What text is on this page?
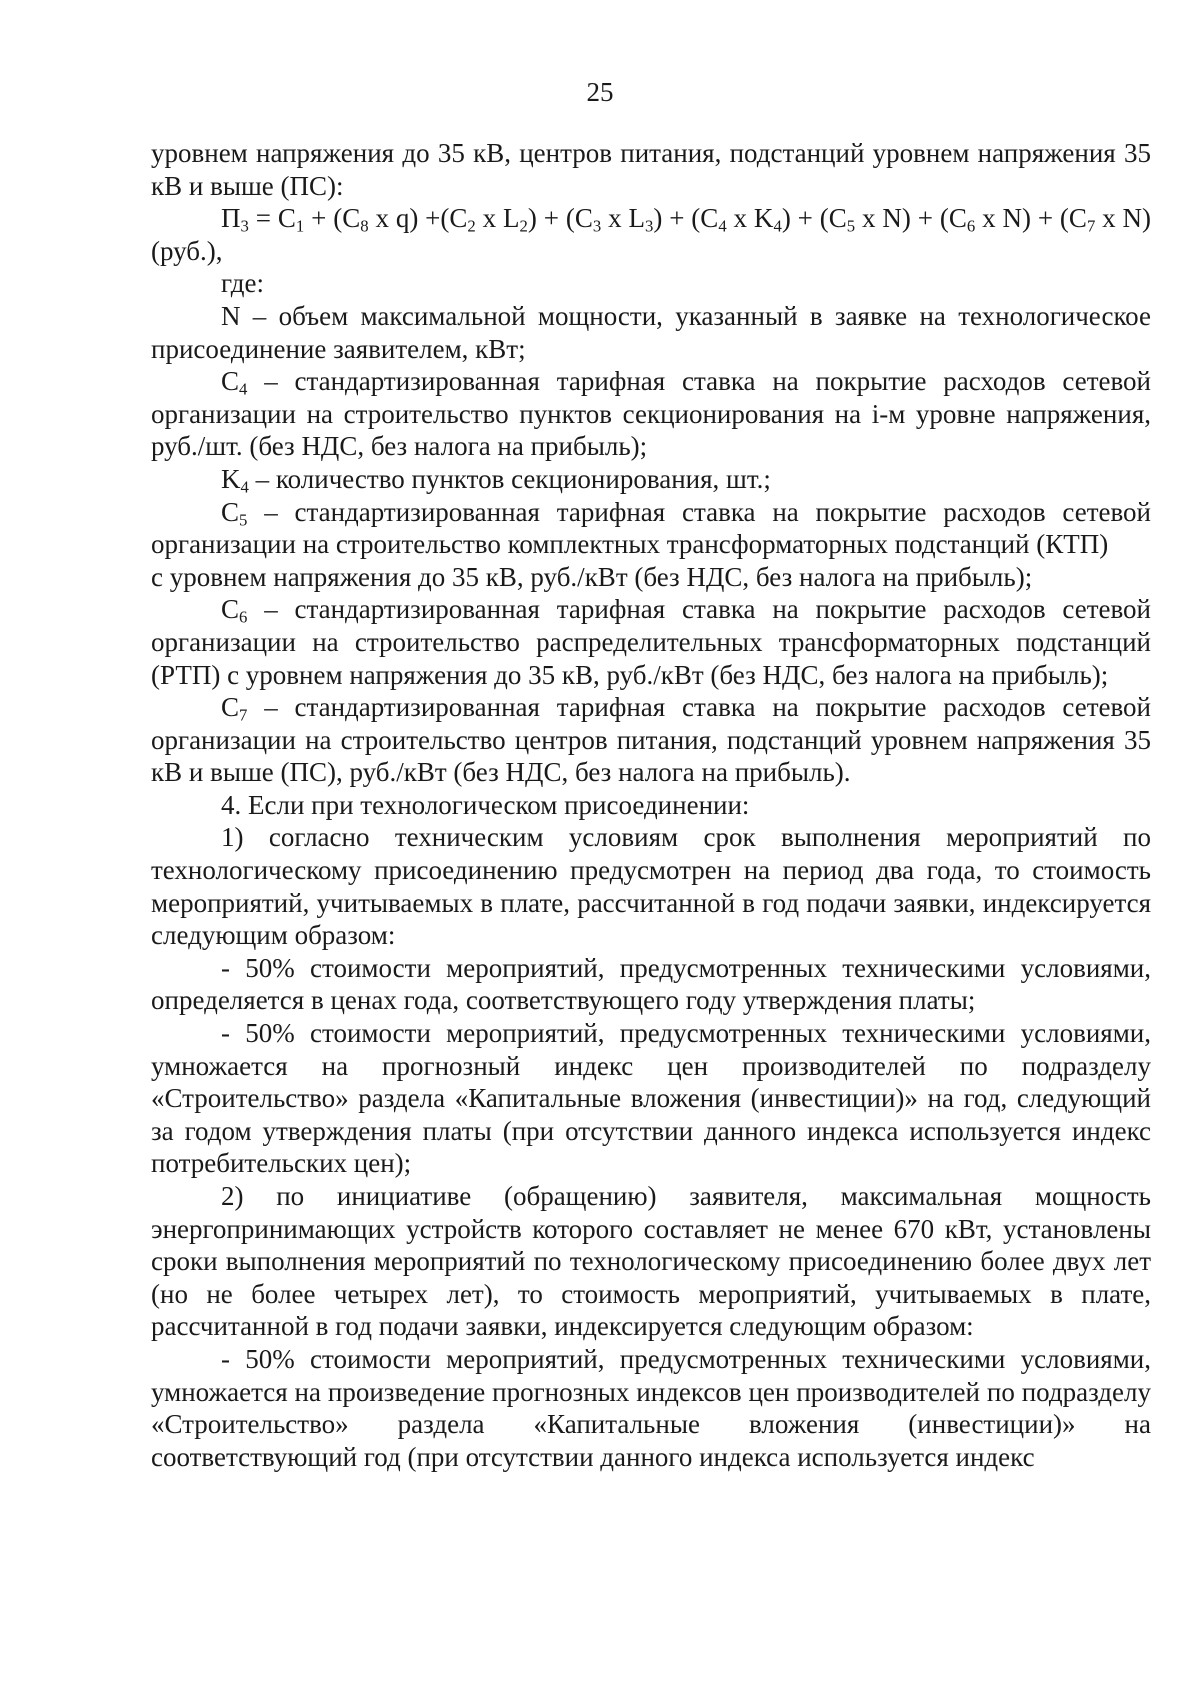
25

уровнем напряжения до 35 кВ, центров питания, подстанций уровнем напряжения 35 кВ и выше (ПС):

$П_3 = С_1 + (С_8$ x $q) +(С_2$ x $L_2) + (С_3$ x $L_3) + (С_4$ x $K_4) + (С_5$ x $N) + (С_6$ x $N) + (С_7$ x N) (руб.),

где:

N – объем максимальной мощности, указанный в заявке на технологическое присоединение заявителем, кВт;

$С_4$ – стандартизированная тарифная ставка на покрытие расходов сетевой организации на строительство пунктов секционирования на i-м уровне напряжения, руб./шт. (без НДС, без налога на прибыль);

$K_4$ – количество пунктов секционирования, шт.;

$С_5$ – стандартизированная тарифная ставка на покрытие расходов сетевой организации на строительство комплектных трансформаторных подстанций (КТП)

с уровнем напряжения до 35 кВ, руб./кВт (без НДС, без налога на прибыль);

$С_6$ – стандартизированная тарифная ставка на покрытие расходов сетевой организации на строительство распределительных трансформаторных подстанций (РТП) с уровнем напряжения до 35 кВ, руб./кВт (без НДС, без налога на прибыль);

$С_7$ – стандартизированная тарифная ставка на покрытие расходов сетевой организации на строительство центров питания, подстанций уровнем напряжения 35 кВ и выше (ПС), руб./кВт (без НДС, без налога на прибыль).

4. Если при технологическом присоединении:

1) согласно техническим условиям срок выполнения мероприятий по технологическому присоединению предусмотрен на период два года, то стоимость мероприятий, учитываемых в плате, рассчитанной в год подачи заявки, индексируется следующим образом:

- 50% стоимости мероприятий, предусмотренных техническими условиями, определяется в ценах года, соответствующего году утверждения платы;

- 50% стоимости мероприятий, предусмотренных техническими условиями, умножается на прогнозный индекс цен производителей по подразделу «Строительство» раздела «Капитальные вложения (инвестиции)» на год, следующий за годом утверждения платы (при отсутствии данного индекса используется индекс потребительских цен);

2) по инициативе (обращению) заявителя, максимальная мощность энергопринимающих устройств которого составляет не менее 670 кВт, установлены сроки выполнения мероприятий по технологическому присоединению более двух лет (но не более четырех лет), то стоимость мероприятий, учитываемых в плате, рассчитанной в год подачи заявки, индексируется следующим образом:

- 50% стоимости мероприятий, предусмотренных техническими условиями, умножается на произведение прогнозных индексов цен производителей по подразделу «Строительство» раздела «Капитальные вложения (инвестиции)» на соответствующий год (при отсутствии данного индекса используется индекс
